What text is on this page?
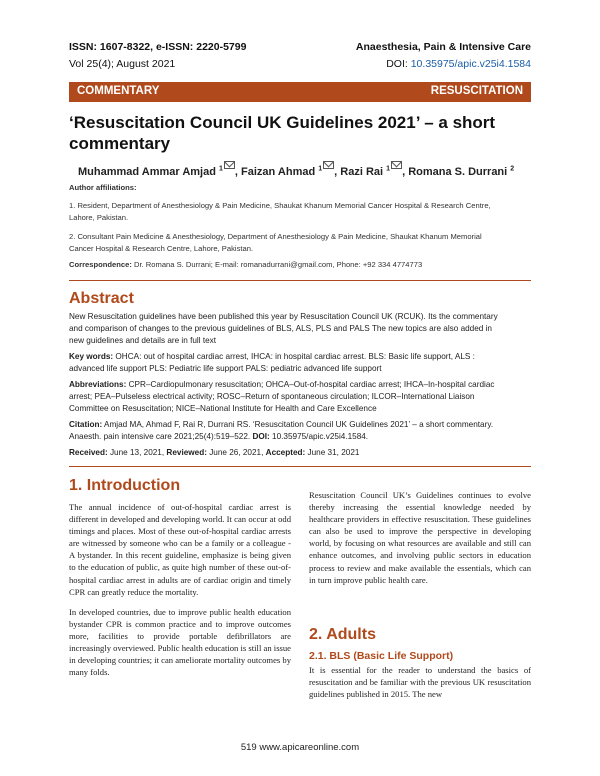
ISSN: 1607-8322, e-ISSN: 2220-5799	Anaesthesia, Pain & Intensive Care
Vol 25(4); August 2021	DOI: 10.35975/apic.v25i4.1584
COMMENTARY	RESUSCITATION
‘Resuscitation Council UK Guidelines 2021’ – a short
commentary
Muhammad Ammar Amjad $^1$ , Faizan Ahmad $^1$ , Razi Rai $^1$ , Romana S. Durrani $^2$
Author affiliations:
1. Resident, Department of Anesthesiology & Pain Medicine, Shaukat Khanum Memorial Cancer Hospital & Research Centre,
Lahore, Pakistan.
2. Consultant Pain Medicine & Anesthesiology, Department of Anesthesiology & Pain Medicine, Shaukat Khanum Memorial
Cancer Hospital & Research Centre, Lahore, Pakistan.
Correspondence: Dr. Romana S. Durrani; E-mail: romanadurrani@gmail.com, Phone: +92 334 4774773
Abstract
New Resuscitation guidelines have been published this year by Resuscitation Council UK (RCUK). Its the commentary
and comparison of changes to the previous guidelines of BLS, ALS, PLS and PALS The new topics are also added in
new guidelines and details are in full text
Key words: OHCA: out of hospital cardiac arrest, IHCA: in hospital cardiac arrest. BLS: Basic life support, ALS :
advanced life support PLS: Pediatric life support PALS: pediatric advanced life support
Abbreviations: CPR–Cardiopulmonary resuscitation; OHCA–Out-of-hospital cardiac arrest; IHCA–In-hospital cardiac
arrest; PEA–Pulseless electrical activity; ROSC–Return of spontaneous circulation; ILCOR–International Liaison
Committee on Resuscitation; NICE–National Institute for Health and Care Excellence
Citation: Amjad MA, Ahmad F, Rai R, Durrani RS. ‘Resuscitation Council UK Guidelines 2021’ – a short commentary.
Anaesth. pain intensive care 2021;25(4):519–522. DOI: 10.35975/apic.v25i4.1584.
Received: June 13, 2021, Reviewed: June 26, 2021, Accepted: June 31, 2021
1. Introduction

The annual incidence of out-of-hospital cardiac arrest is different in developed and developing world. It can occur at odd timings and places. Most of these out-of-hospital cardiac arrests are witnessed by someone who can be a family or a colleague - A bystander. In this recent guideline, emphasize is being given to the education of public, as quite high number of these out-of-hospital cardiac arrest in adults are of cardiac origin and timely CPR can greatly reduce the mortality.

In developed countries, due to improve public health education bystander CPR is common practice and to improve outcomes more, facilities to provide portable defibrillators are increasingly overviewed. Public health education is still an issue in developing countries; it can ameliorate mortality outcomes by many folds.

Resuscitation Council UK’s Guidelines continues to evolve thereby increasing the essential knowledge needed by healthcare providers in effective resuscitation. These guidelines can also be used to improve the perspective in developing world, by focusing on what resources are available and still can enhance outcomes, and involving public sectors in education process to review and make available the essentials, which can in turn improve public health care.

2. Adults
2.1. BLS (Basic Life Support)

It is essential for the reader to understand the basics of resuscitation and be familiar with the previous UK resuscitation guidelines published in 2015. The new

519 www.apicareonline.com
